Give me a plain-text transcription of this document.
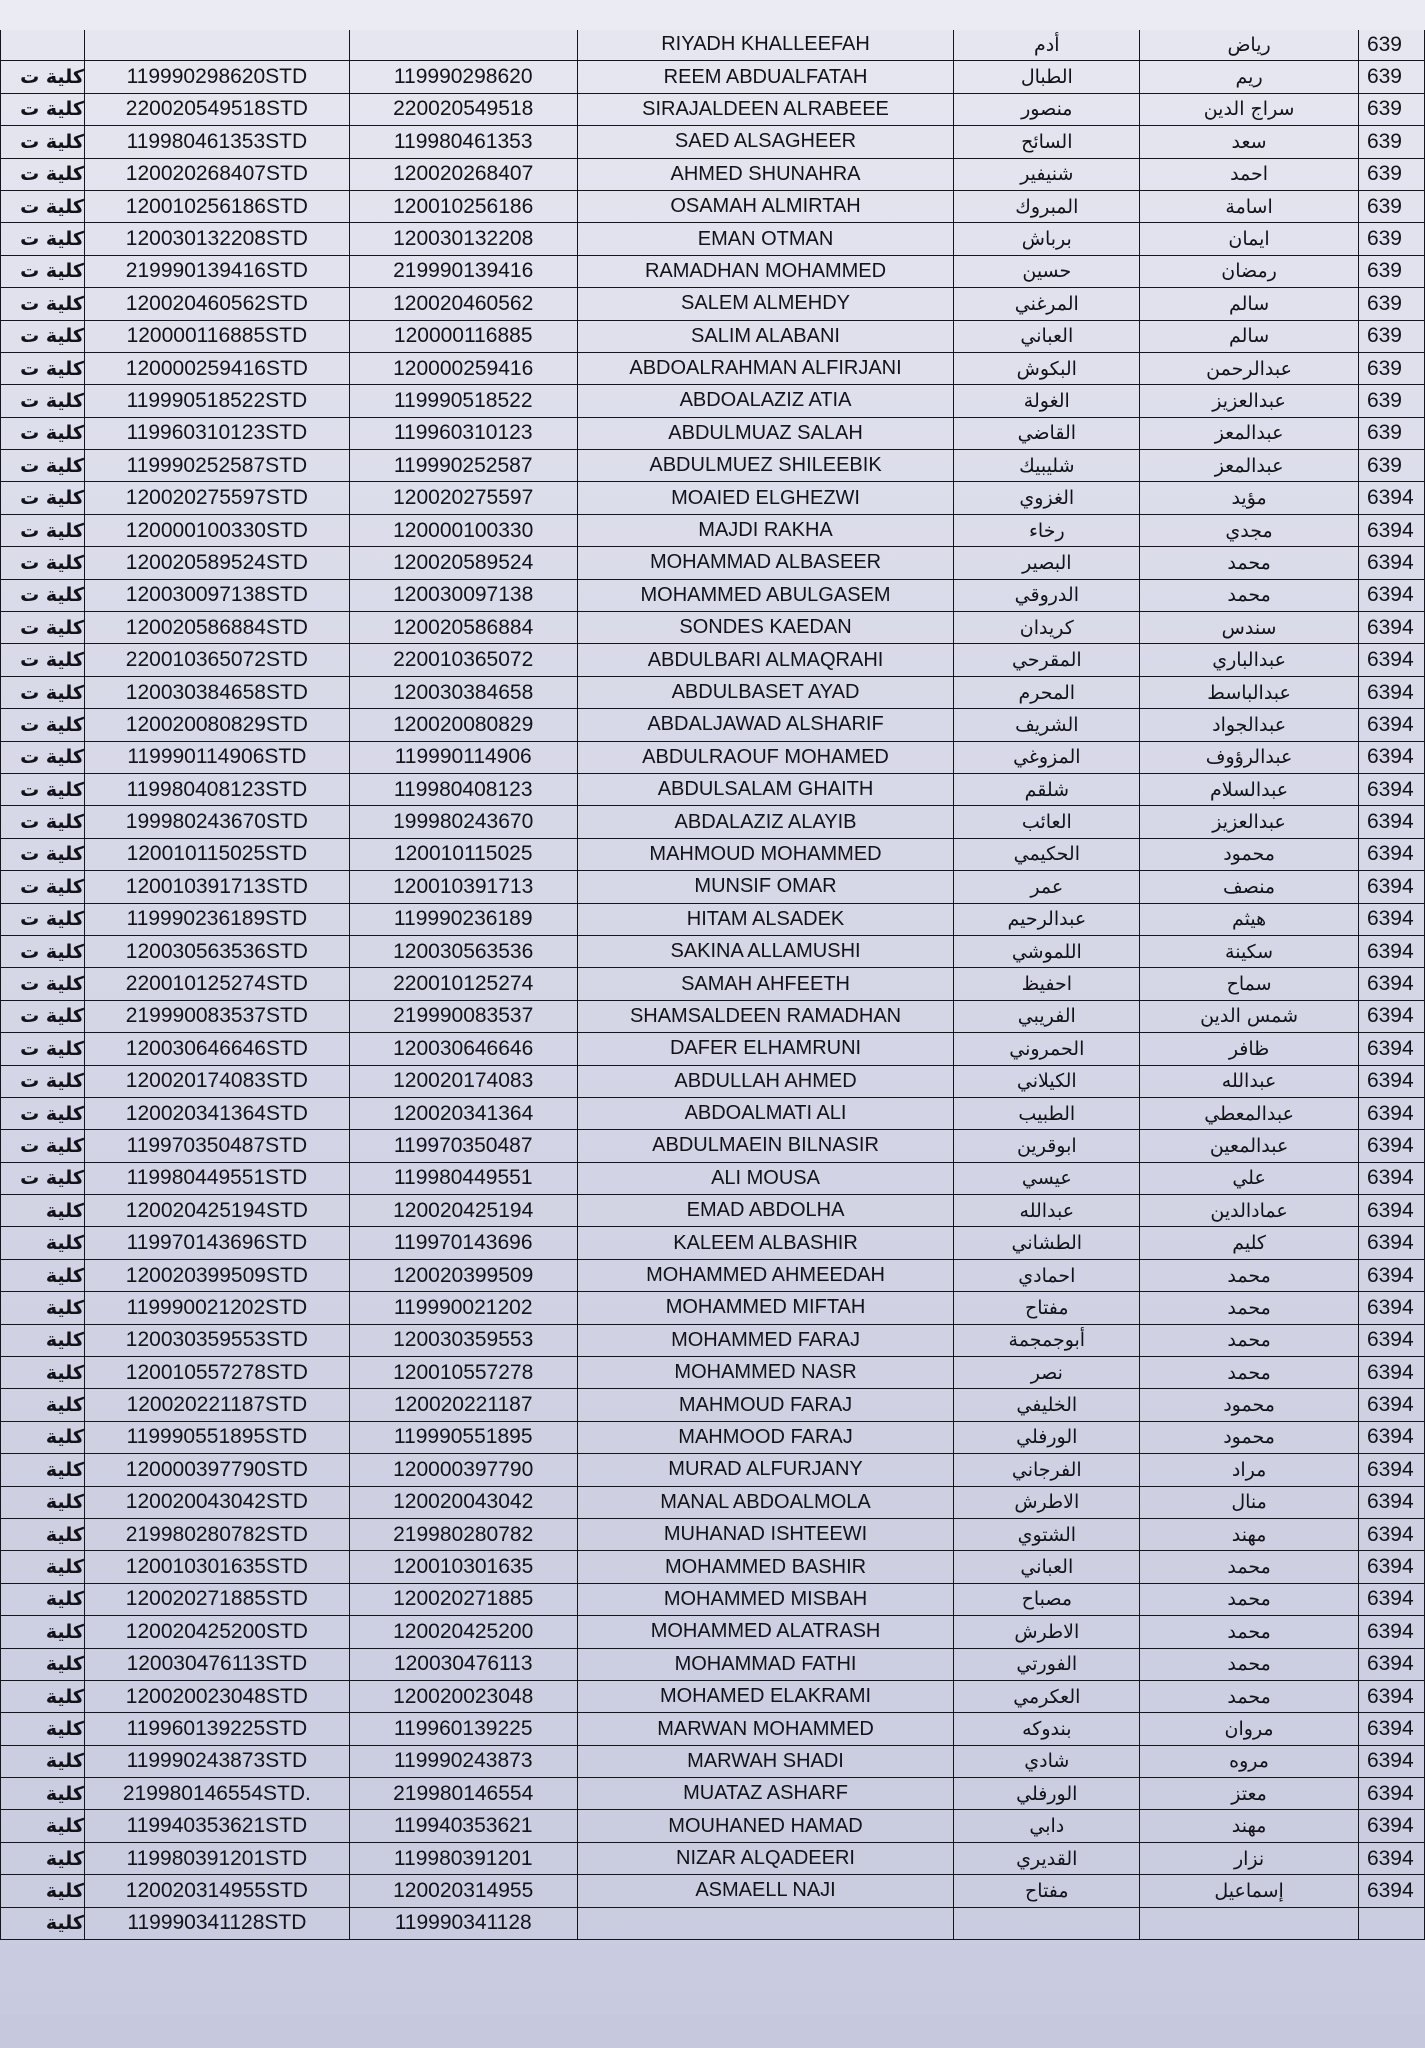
			RIYADH KHALLEEFAH	أدم	رياض	639
كلية ت	119990298620STD	119990298620	REEM ABDUALFATAH	الطبال	ريم	639
كلية ت	220020549518STD	220020549518	SIRAJALDEEN ALRABEEE	منصور	سراج الدين	639
كلية ت	119980461353STD	119980461353	SAED ALSAGHEER	السائح	سعد	639
كلية ت	120020268407STD	120020268407	AHMED SHUNAHRA	شنيفير	احمد	639
كلية ت	120010256186STD	120010256186	OSAMAH ALMIRTAH	المبروك	اسامة	639
كلية ت	120030132208STD	120030132208	EMAN OTMAN	برباش	ايمان	639
كلية ت	219990139416STD	219990139416	RAMADHAN MOHAMMED	حسين	رمضان	639
كلية ت	120020460562STD	120020460562	SALEM ALMEHDY	المرغني	سالم	639
كلية ت	120000116885STD	120000116885	SALIM ALABANI	العباني	سالم	639
كلية ت	120000259416STD	120000259416	ABDOALRAHMAN ALFIRJANI	البكوش	عبدالرحمن	639
كلية ت	119990518522STD	119990518522	ABDOALAZIZ ATIA	الغولة	عبدالعزيز	639
كلية ت	119960310123STD	119960310123	ABDULMUAZ SALAH	القاضي	عبدالمعز	639
كلية ت	119990252587STD	119990252587	ABDULMUEZ SHILEEBIK	شليبيك	عبدالمعز	639
كلية ت	120020275597STD	120020275597	MOAIED ELGHEZWI	الغزوي	مؤيد	6394
كلية ت	120000100330STD	120000100330	MAJDI RAKHA	رخاء	مجدي	6394
كلية ت	120020589524STD	120020589524	MOHAMMAD ALBASEER	البصير	محمد	6394
كلية ت	120030097138STD	120030097138	MOHAMMED ABULGASEM	الدروقي	محمد	6394
كلية ت	120020586884STD	120020586884	SONDES KAEDAN	كريدان	سندس	6394
كلية ت	220010365072STD	220010365072	ABDULBARI ALMAQRAHI	المقرحي	عبدالباري	6394
كلية ت	120030384658STD	120030384658	ABDULBASET AYAD	المحرم	عبدالباسط	6394
كلية ت	120020080829STD	120020080829	ABDALJAWAD ALSHARIF	الشريف	عبدالجواد	6394
كلية ت	119990114906STD	119990114906	ABDULRAOUF MOHAMED	المزوغي	عبدالرؤوف	6394
كلية ت	119980408123STD	119980408123	ABDULSALAM GHAITH	شلقم	عبدالسلام	6394
كلية ت	199980243670STD	199980243670	ABDALAZIZ ALAYIB	العائب	عبدالعزيز	6394
كلية ت	120010115025STD	120010115025	MAHMOUD MOHAMMED	الحكيمي	محمود	6394
كلية ت	120010391713STD	120010391713	MUNSIF OMAR	عمر	منصف	6394
كلية ت	119990236189STD	119990236189	HITAM ALSADEK	عبدالرحيم	هيثم	6394
كلية ت	120030563536STD	120030563536	SAKINA ALLAMUSHI	اللموشي	سكينة	6394
كلية ت	220010125274STD	220010125274	SAMAH AHFEETH	احفيظ	سماح	6394
كلية ت	219990083537STD	219990083537	SHAMSALDEEN RAMADHAN	الفريبي	شمس الدين	6394
كلية ت	120030646646STD	120030646646	DAFER ELHAMRUNI	الحمروني	ظافر	6394
كلية ت	120020174083STD	120020174083	ABDULLAH AHMED	الكيلاني	عبدالله	6394
كلية ت	120020341364STD	120020341364	ABDOALMATI ALI	الطبيب	عبدالمعطي	6394
كلية ت	119970350487STD	119970350487	ABDULMAEIN BILNASIR	ابوقرين	عبدالمعين	6394
كلية ت	119980449551STD	119980449551	ALI MOUSA	عيسي	علي	6394
كلية	120020425194STD	120020425194	EMAD ABDOLHA	عبدالله	عمادالدين	6394
كلية	119970143696STD	119970143696	KALEEM ALBASHIR	الطشاني	كليم	6394
كلية	120020399509STD	120020399509	MOHAMMED AHMEEDAH	احمادي	محمد	6394
كلية	119990021202STD	119990021202	MOHAMMED MIFTAH	مفتاح	محمد	6394
كلية	120030359553STD	120030359553	MOHAMMED FARAJ	أبوجمجمة	محمد	6394
كلية	120010557278STD	120010557278	MOHAMMED NASR	نصر	محمد	6394
كلية	120020221187STD	120020221187	MAHMOUD FARAJ	الخليفي	محمود	6394
كلية	119990551895STD	119990551895	MAHMOOD FARAJ	الورفلي	محمود	6394
كلية	120000397790STD	120000397790	MURAD ALFURJANY	الفرجاني	مراد	6394
كلية	120020043042STD	120020043042	MANAL ABDOALMOLA	الاطرش	منال	6394
كلية	219980280782STD	219980280782	MUHANAD ISHTEEWI	الشتوي	مهند	6394
كلية	120010301635STD	120010301635	MOHAMMED BASHIR	العباني	محمد	6394
كلية	120020271885STD	120020271885	MOHAMMED MISBAH	مصباح	محمد	6394
كلية	120020425200STD	120020425200	MOHAMMED ALATRASH	الاطرش	محمد	6394
كلية	120030476113STD	120030476113	MOHAMMAD FATHI	الفورتي	محمد	6394
كلية	120020023048STD	120020023048	MOHAMED ELAKRAMI	العكرمي	محمد	6394
كلية	119960139225STD	119960139225	MARWAN MOHAMMED	بندوكه	مروان	6394
كلية	119990243873STD	119990243873	MARWAH SHADI	شادي	مروه	6394
كلية	219980146554STD.	219980146554	MUATAZ ASHARF	الورفلي	معتز	6394
كلية	119940353621STD	119940353621	MOUHANED HAMAD	دابي	مهند	6394
كلية	119980391201STD	119980391201	NIZAR ALQADEERI	القديري	نزار	6394
كلية	120020314955STD	120020314955	ASMAELL NAJI	مفتاح	إسماعيل	6394
كلية	119990341128STD	119990341128				
